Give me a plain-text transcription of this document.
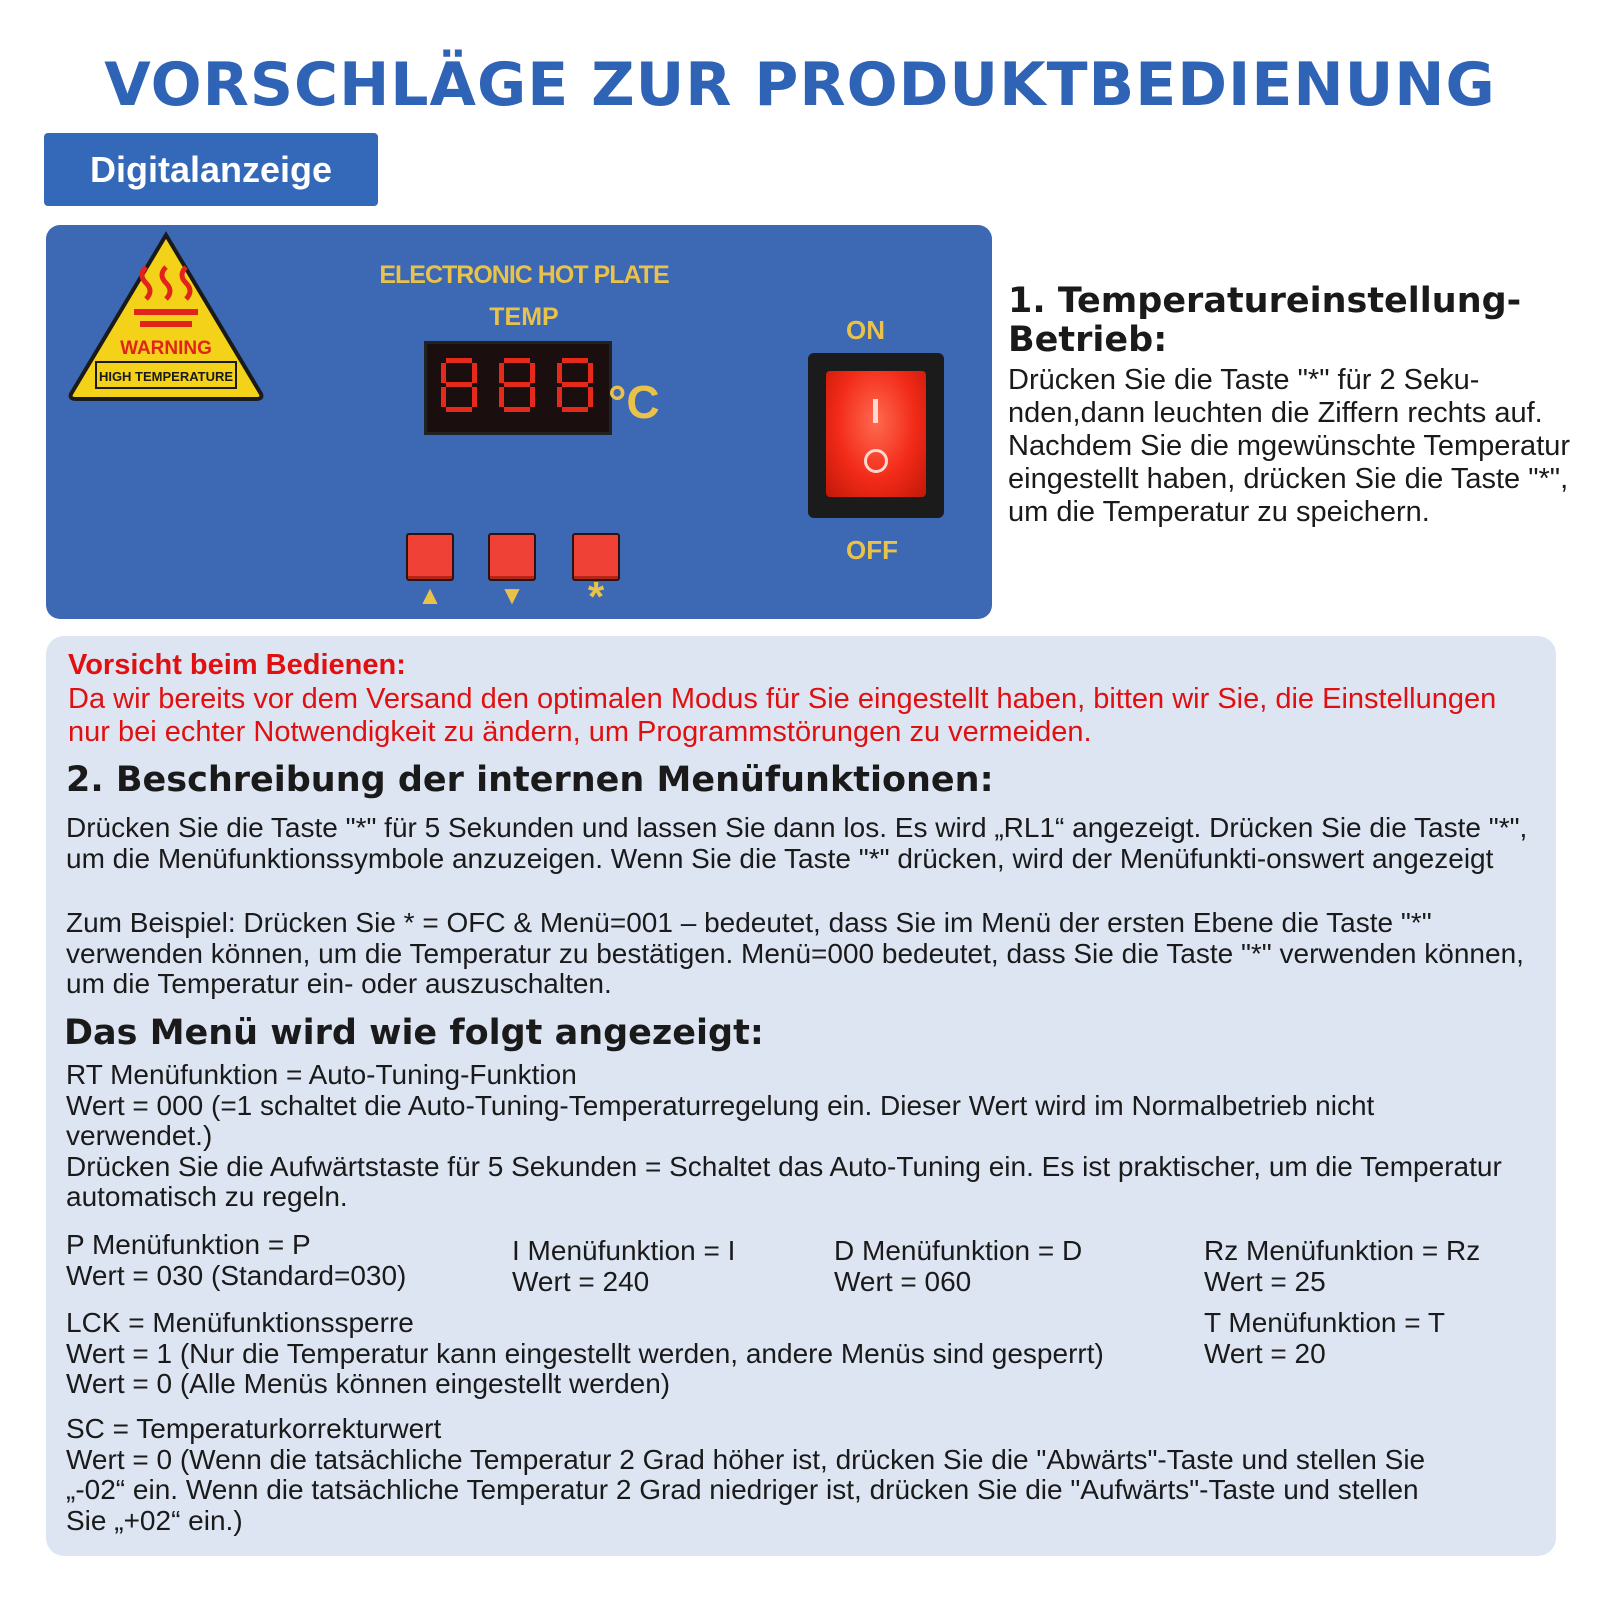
VORSCHLÄGE ZUR PRODUKTBEDIENUNG
Digitalanzeige
WARNING
HIGH TEMPERATURE
ELECTRONIC HOT PLATE
TEMP
°C
▲ ▼ *
ON
OFF
1. Temperatureinstellung-Betrieb:

Drücken Sie die Taste "*" für 2 Seku-nden,dann leuchten die Ziffern rechts auf. Nachdem Sie die mgewünschte Temperatur eingestellt haben, drücken Sie die Taste "*", um die Temperatur zu speichern.

Vorsicht beim Bedienen:

Da wir bereits vor dem Versand den optimalen Modus für Sie eingestellt haben, bitten wir Sie, die Einstellungen nur bei echter Notwendigkeit zu ändern, um Programmstörungen zu vermeiden.

2. Beschreibung der internen Menüfunktionen:

Drücken Sie die Taste "*" für 5 Sekunden und lassen Sie dann los. Es wird „RL1“ angezeigt. Drücken Sie die Taste "*", um die Menüfunktionssymbole anzuzeigen. Wenn Sie die Taste "*" drücken, wird der Menüfunkti-onswert angezeigt

Zum Beispiel: Drücken Sie * = OFC & Menü=001 – bedeutet, dass Sie im Menü der ersten Ebene die Taste "*" verwenden können, um die Temperatur zu bestätigen. Menü=000 bedeutet, dass Sie die Taste "*" verwenden können, um die Temperatur ein- oder auszuschalten.

Das Menü wird wie folgt angezeigt:
RT Menüfunktion = Auto-Tuning-Funktion
Wert = 000 (=1 schaltet die Auto-Tuning-Temperaturregelung ein. Dieser Wert wird im Normalbetrieb nicht verwendet.)
Drücken Sie die Aufwärtstaste für 5 Sekunden = Schaltet das Auto-Tuning ein. Es ist praktischer, um die Temperatur automatisch zu regeln.
P Menüfunktion = P
Wert = 030 (Standard=030)
I Menüfunktion = I
Wert = 240
D Menüfunktion = D
Wert = 060
Rz Menüfunktion = Rz
Wert = 25
LCK = Menüfunktionssperre
Wert = 1 (Nur die Temperatur kann eingestellt werden, andere Menüs sind gesperrt)
Wert = 0 (Alle Menüs können eingestellt werden)
T Menüfunktion = T
Wert = 20
SC = Temperaturkorrekturwert
Wert = 0 (Wenn die tatsächliche Temperatur 2 Grad höher ist, drücken Sie die "Abwärts"-Taste und stellen Sie „-02“ ein. Wenn die tatsächliche Temperatur 2 Grad niedriger ist, drücken Sie die "Aufwärts"-Taste und stellen Sie „+02“ ein.)
